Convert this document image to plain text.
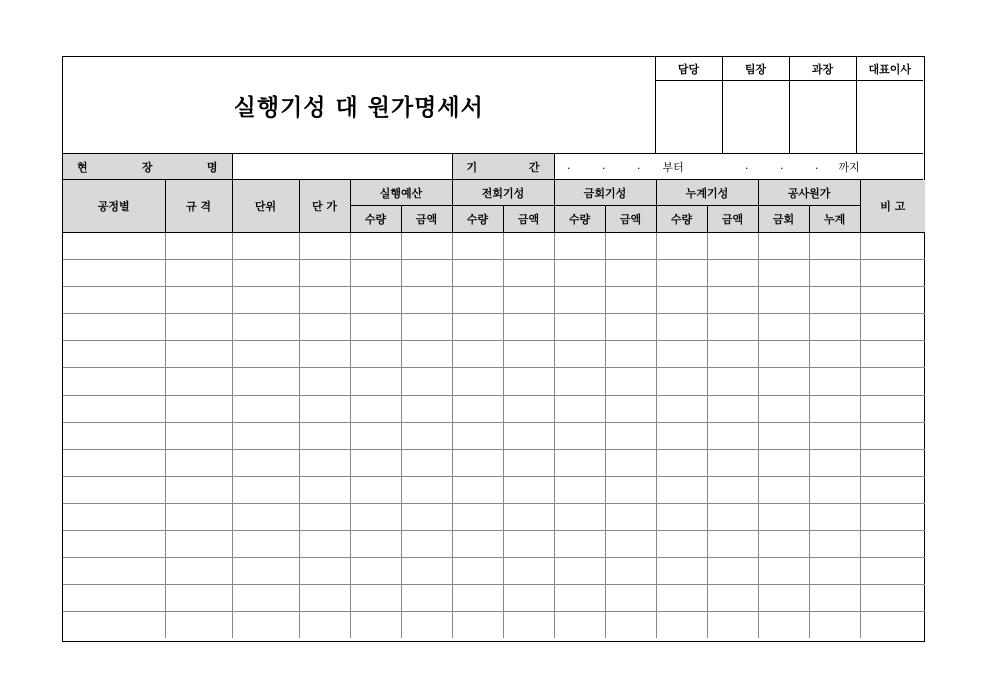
실행기성 대 원가명세서	담당	팀장	과장	대표이사

현	장	명		기	간	. . . 부터	. . . 까지
공정별	규 격	단위	단 가	실행예산		전회기성		금회기성		누계기성		공사원가		비 고
				수량	금액	수량	금액	수량	금액	수량	금액	금회	누계	
